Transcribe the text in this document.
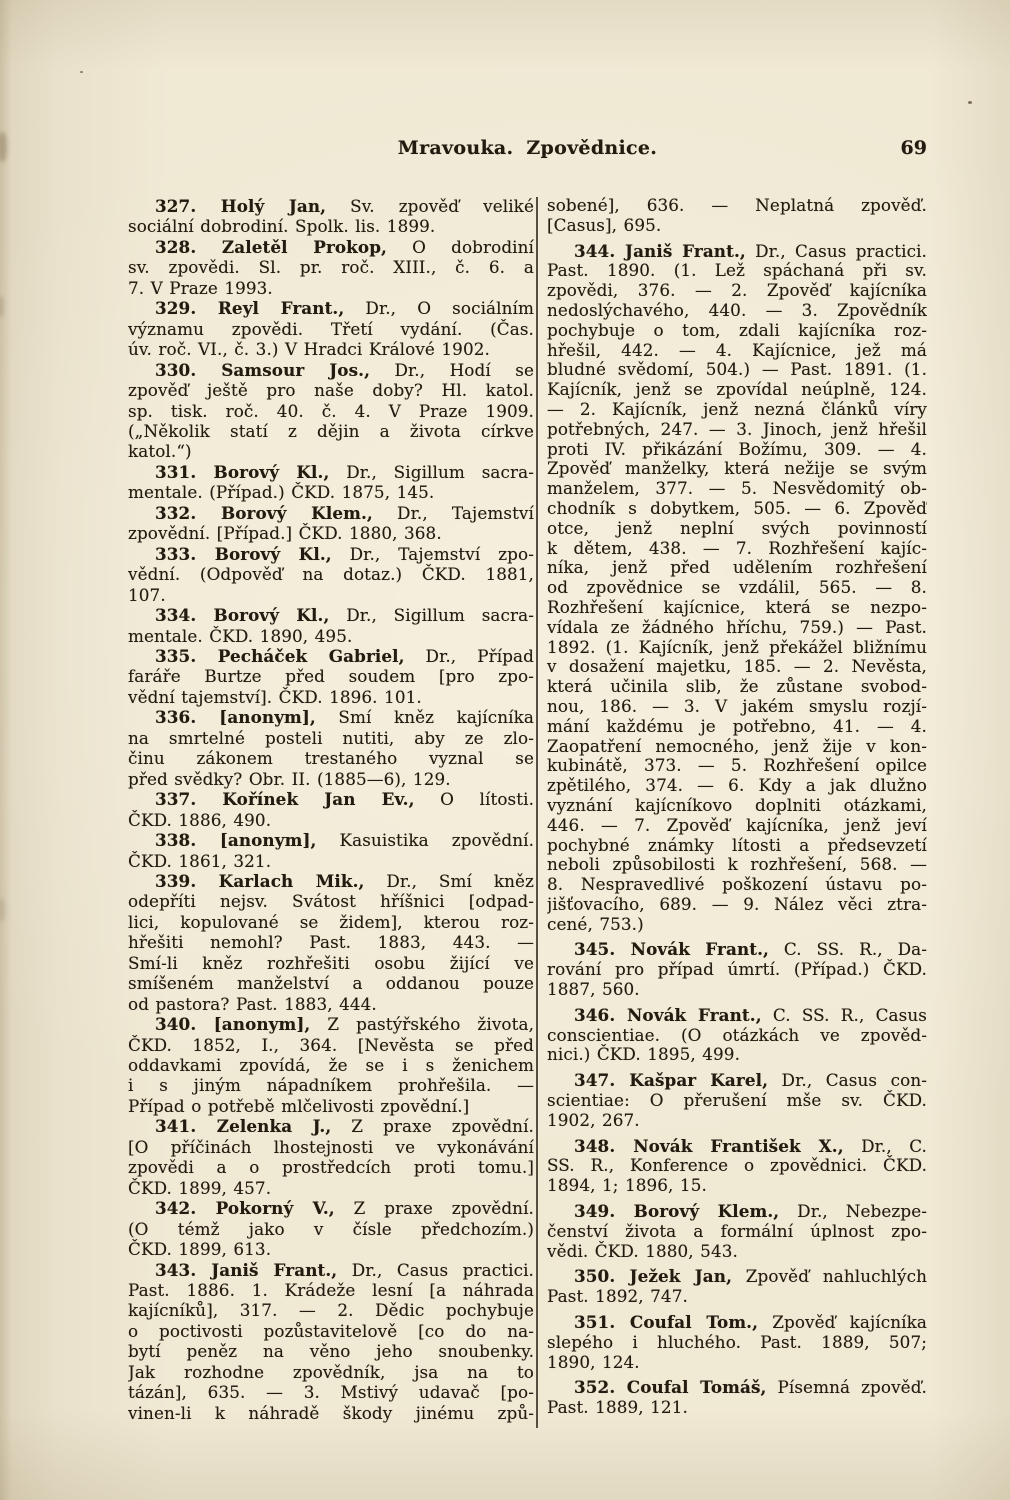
Mravouka. Zpovědnice.	69
327. Holý Jan, Sv. zpověď veliké
sociální dobrodiní. Spolk. lis. 1899.
328. Zaletěl Prokop, O dobrodiní
sv. zpovědi. Sl. pr. roč. XIII., č. 6. a
7. V Praze 1993.
329. Reyl Frant., Dr., O sociálním
významu zpovědi. Třetí vydání. (Čas.
úv. roč. VI., č. 3.) V Hradci Králové 1902.
330. Samsour Jos., Dr., Hodí se
zpověď ještě pro naše doby? Hl. katol.
sp. tisk. roč. 40. č. 4. V Praze 1909.
(„Několik statí z dějin a života církve
katol.“)
331. Borový Kl., Dr., Sigillum sacra-
mentale. (Případ.) ČKD. 1875, 145.
332. Borový Klem., Dr., Tajemství
zpovědní. [Případ.] ČKD. 1880, 368.
333. Borový Kl., Dr., Tajemství zpo-
vědní. (Odpověď na dotaz.) ČKD. 1881,
107.
334. Borový Kl., Dr., Sigillum sacra-
mentale. ČKD. 1890, 495.
335. Pecháček Gabriel, Dr., Případ
faráře Burtze před soudem [pro zpo-
vědní tajemství]. ČKD. 1896. 101.
336. [anonym], Smí kněz kajícníka
na smrtelné posteli nutiti, aby ze zlo-
činu zákonem trestaného vyznal se
před svědky? Obr. II. (1885—6), 129.
337. Kořínek Jan Ev., O lítosti.
ČKD. 1886, 490.
338. [anonym], Kasuistika zpovědní.
ČKD. 1861, 321.
339. Karlach Mik., Dr., Smí kněz
odepříti nejsv. Svátost hříšnici [odpad-
lici, kopulované se židem], kterou roz-
hřešiti nemohl? Past. 1883, 443. —
Smí-li kněz rozhřešiti osobu žijící ve
smíšeném manželství a oddanou pouze
od pastora? Past. 1883, 444.
340. [anonym], Z pastýřského života,
ČKD. 1852, I., 364. [Nevěsta se před
oddavkami zpovídá, že se i s ženichem
i s jiným nápadníkem prohřešila. —
Případ o potřebě mlčelivosti zpovědní.]
341. Zelenka J., Z praxe zpovědní.
[O příčinách lhostejnosti ve vykonávání
zpovědi a o prostředcích proti tomu.]
ČKD. 1899, 457.
342. Pokorný V., Z praxe zpovědní.
(O témž jako v čísle předchozím.)
ČKD. 1899, 613.
343. Janiš Frant., Dr., Casus practici.
Past. 1886. 1. Krádeže lesní [a náhrada
kajícníků], 317. — 2. Dědic pochybuje
o poctivosti pozůstavitelově [co do na-
bytí peněz na věno jeho snoubenky.
Jak rozhodne zpovědník, jsa na to
tázán], 635. — 3. Mstivý udavač [po-
vinen-li k náhradě škody jinému způ-
sobené], 636. — Neplatná zpověď.
[Casus], 695.
344. Janiš Frant., Dr., Casus practici.
Past. 1890. (1. Lež spáchaná při sv.
zpovědi, 376. — 2. Zpověď kajícníka
nedoslýchavého, 440. — 3. Zpovědník
pochybuje o tom, zdali kajícníka roz-
hřešil, 442. — 4. Kajícnice, jež má
bludné svědomí, 504.) — Past. 1891. (1.
Kajícník, jenž se zpovídal neúplně, 124.
— 2. Kajícník, jenž nezná článků víry
potřebných, 247. — 3. Jinoch, jenž hřešil
proti IV. přikázání Božímu, 309. — 4.
Zpověď manželky, která nežije se svým
manželem, 377. — 5. Nesvědomitý ob-
chodník s dobytkem, 505. — 6. Zpověď
otce, jenž neplní svých povinností
k dětem, 438. — 7. Rozhřešení kajíc-
níka, jenž před udělením rozhřešení
od zpovědnice se vzdálil, 565. — 8.
Rozhřešení kajícnice, která se nezpo-
vídala ze žádného hříchu, 759.) — Past.
1892. (1. Kajícník, jenž překážel bližnímu
v dosažení majetku, 185. — 2. Nevěsta,
která učinila slib, že zůstane svobod-
nou, 186. — 3. V jakém smyslu rozjí-
mání každému je potřebno, 41. — 4.
Zaopatření nemocného, jenž žije v kon-
kubinátě, 373. — 5. Rozhřešení opilce
zpětilého, 374. — 6. Kdy a jak dlužno
vyznání kajícníkovo doplniti otázkami,
446. — 7. Zpověď kajícníka, jenž jeví
pochybné známky lítosti a předsevzetí
neboli způsobilosti k rozhřešení, 568. —
8. Nespravedlivé poškození ústavu po-
jišťovacího, 689. — 9. Nález věci ztra-
cené, 753.)
345. Novák Frant., C. SS. R., Da-
rování pro případ úmrtí. (Případ.) ČKD.
1887, 560.
346. Novák Frant., C. SS. R., Casus
conscientiae. (O otázkách ve zpověd-
nici.) ČKD. 1895, 499.
347. Kašpar Karel, Dr., Casus con-
scientiae: O přerušení mše sv. ČKD.
1902, 267.
348. Novák František X., Dr., C.
SS. R., Konference o zpovědnici. ČKD.
1894, 1; 1896, 15.
349. Borový Klem., Dr., Nebezpe-
čenství života a formální úplnost zpo-
vědi. ČKD. 1880, 543.
350. Ježek Jan, Zpověď nahluchlých
Past. 1892, 747.
351. Coufal Tom., Zpověď kajícníka
slepého i hluchého. Past. 1889, 507;
1890, 124.
352. Coufal Tomáš, Písemná zpověď.
Past. 1889, 121.
